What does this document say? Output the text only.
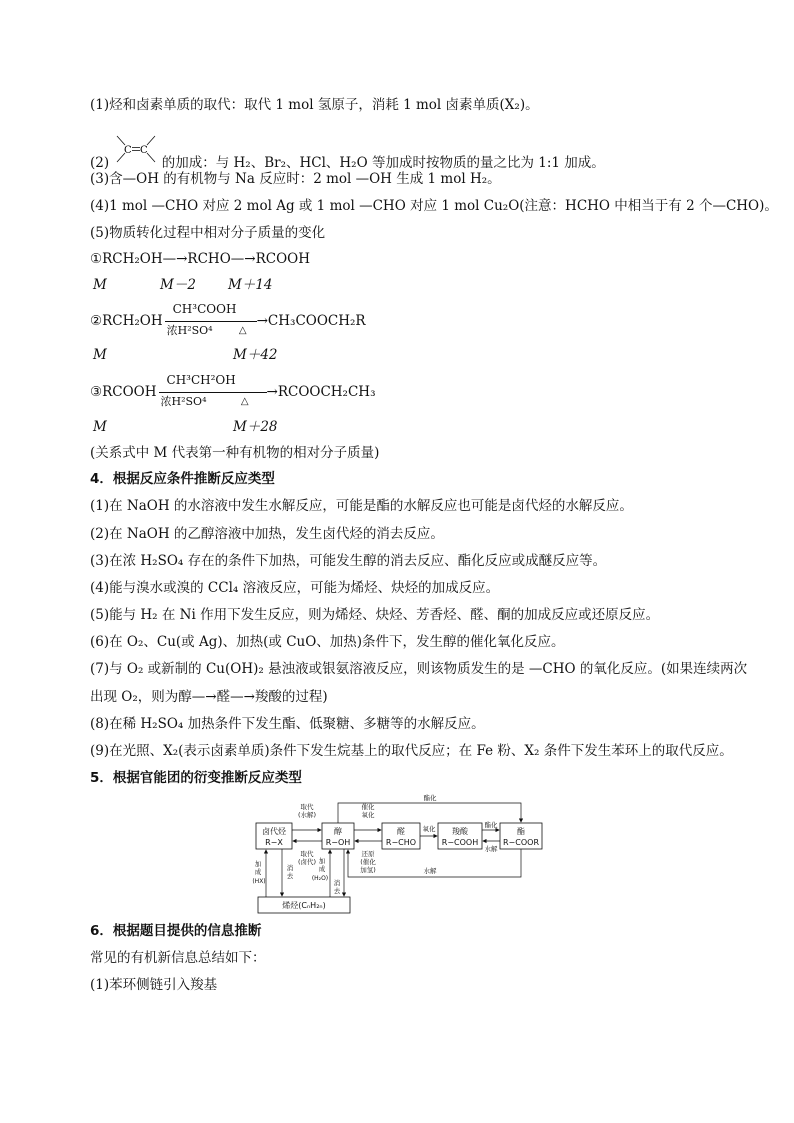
(1)烃和卤素单质的取代：取代 1 mol 氢原子，消耗 1 mol 卤素单质(X₂)。
(2)
C C
的加成：与 H₂、Br₂、HCl、H₂O 等加成时按物质的量之比为 1:1 加成。
(3)含—OH 的有机物与 Na 反应时：2 mol —OH 生成 1 mol H₂。
(4)1 mol —CHO 对应 2 mol Ag 或 1 mol —CHO 对应 1 mol Cu₂O(注意：HCHO 中相当于有 2 个—CHO)。
(5)物质转化过程中相对分子质量的变化
①RCH₂OH—→RCHO—→RCOOH
M	M－2 M＋14
②RCH₂OH
CH³COOH
浓H²SO⁴	△
→CH₃COOCH₂R
M	M＋42
③RCOOH
CH³CH²OH
浓H²SO⁴	△
→RCOOCH₂CH₃
M	M＋28
(关系式中 M 代表第一种有机物的相对分子质量)
4．根据反应条件推断反应类型
(1)在 NaOH 的水溶液中发生水解反应，可能是酯的水解反应也可能是卤代烃的水解反应。
(2)在 NaOH 的乙醇溶液中加热，发生卤代烃的消去反应。
(3)在浓 H₂SO₄ 存在的条件下加热，可能发生醇的消去反应、酯化反应或成醚反应等。
(4)能与溴水或溴的 CCl₄ 溶液反应，可能为烯烃、炔烃的加成反应。
(5)能与 H₂ 在 Ni 作用下发生反应，则为烯烃、炔烃、芳香烃、醛、酮的加成反应或还原反应。
(6)在 O₂、Cu(或 Ag)、加热(或 CuO、加热)条件下，发生醇的催化氧化反应。
(7)与 O₂ 或新制的 Cu(OH)₂ 悬浊液或银氨溶液反应，则该物质发生的是 —CHO 的氧化反应。(如果连续两次
出现 O₂，则为醇—→醛—→羧酸的过程)
(8)在稀 H₂SO₄ 加热条件下发生酯、低聚糖、多糖等的水解反应。
(9)在光照、X₂(表示卤素单质)条件下发生烷基上的取代反应；在 Fe 粉、X₂ 条件下发生苯环上的取代反应。
5．根据官能团的衍变推断反应类型
卤代烃
R−X
醇
R−OH
醛
R−CHO
羧酸
R−COOH
酯
R−COOR
烯烃(CₙH₂ₙ)
取代
(水解)
取代
(卤代)
催化
氧化
还原
(催化
加氢)
氧化	酯化
水解
酯化
水解
加
成
(HX)
消
去
加
成
(H₂O)
消
去
6．根据题目提供的信息推断
常见的有机新信息总结如下：
(1)苯环侧链引入羧基
